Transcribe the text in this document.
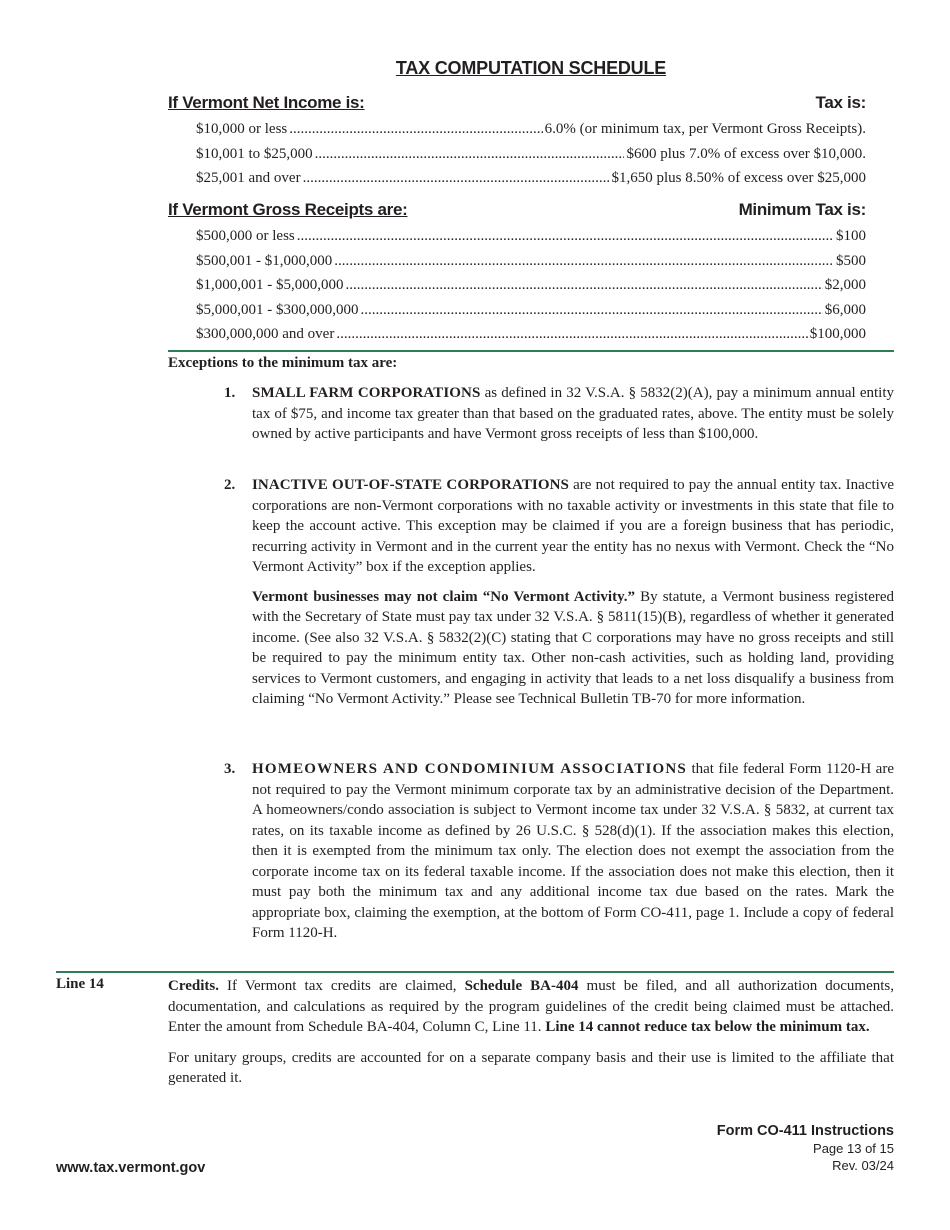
TAX COMPUTATION SCHEDULE
If Vermont Net Income is:	Tax is:
$10,000 or less .....	6.0% (or minimum tax, per Vermont Gross Receipts).
$10,001 to $25,000 .....	$600 plus 7.0% of excess over $10,000.
$25,001 and over .....	$1,650 plus 8.50% of excess over $25,000
If Vermont Gross Receipts are:	Minimum Tax is:
$500,000 or less .....	$100
$500,001 - $1,000,000 .....	$500
$1,000,001 - $5,000,000 .....	$2,000
$5,000,001 - $300,000,000 .....	$6,000
$300,000,000 and over .....	$100,000
Exceptions to the minimum tax are:
1. SMALL FARM CORPORATIONS as defined in 32 V.S.A. § 5832(2)(A), pay a minimum annual entity tax of $75, and income tax greater than that based on the graduated rates, above. The entity must be solely owned by active participants and have Vermont gross receipts of less than $100,000.

2. INACTIVE OUT-OF-STATE CORPORATIONS are not required to pay the annual entity tax. Inactive corporations are non-Vermont corporations with no taxable activity or investments in this state that file to keep the account active. This exception may be claimed if you are a foreign business that has periodic, recurring activity in Vermont and in the current year the entity has no nexus with Vermont. Check the “No Vermont Activity” box if the exception applies.

Vermont businesses may not claim “No Vermont Activity.” By statute, a Vermont business registered with the Secretary of State must pay tax under 32 V.S.A. § 5811(15)(B), regardless of whether it generated income. (See also 32 V.S.A. § 5832(2)(C) stating that C corporations may have no gross receipts and still be required to pay the minimum entity tax. Other non-cash activities, such as holding land, providing services to Vermont customers, and engaging in activity that leads to a net loss disqualify a business from claiming “No Vermont Activity.” Please see Technical Bulletin TB-70 for more information.

3. HOMEOWNERS AND CONDOMINIUM ASSOCIATIONS that file federal Form 1120-H are not required to pay the Vermont minimum corporate tax by an administrative decision of the Department. A homeowners/condo association is subject to Vermont income tax under 32 V.S.A. § 5832, at current tax rates, on its taxable income as defined by 26 U.S.C. § 528(d)(1). If the association makes this election, then it is exempted from the minimum tax only. The election does not exempt the association from the corporate income tax on its federal taxable income. If the association does not make this election, then it must pay both the minimum tax and any additional income tax due based on the rates. Mark the appropriate box, claiming the exemption, at the bottom of Form CO-411, page 1. Include a copy of federal Form 1120-H.

Line 14	Credits. If Vermont tax credits are claimed, Schedule BA-404 must be filed, and all authorization documents, documentation, and calculations as required by the program guidelines of the credit being claimed must be attached. Enter the amount from Schedule BA-404, Column C, Line 11. Line 14 cannot reduce tax below the minimum tax.

For unitary groups, credits are accounted for on a separate company basis and their use is limited to the affiliate that generated it.

Form CO-411 Instructions
Page 13 of 15
Rev. 03/24
www.tax.vermont.gov
